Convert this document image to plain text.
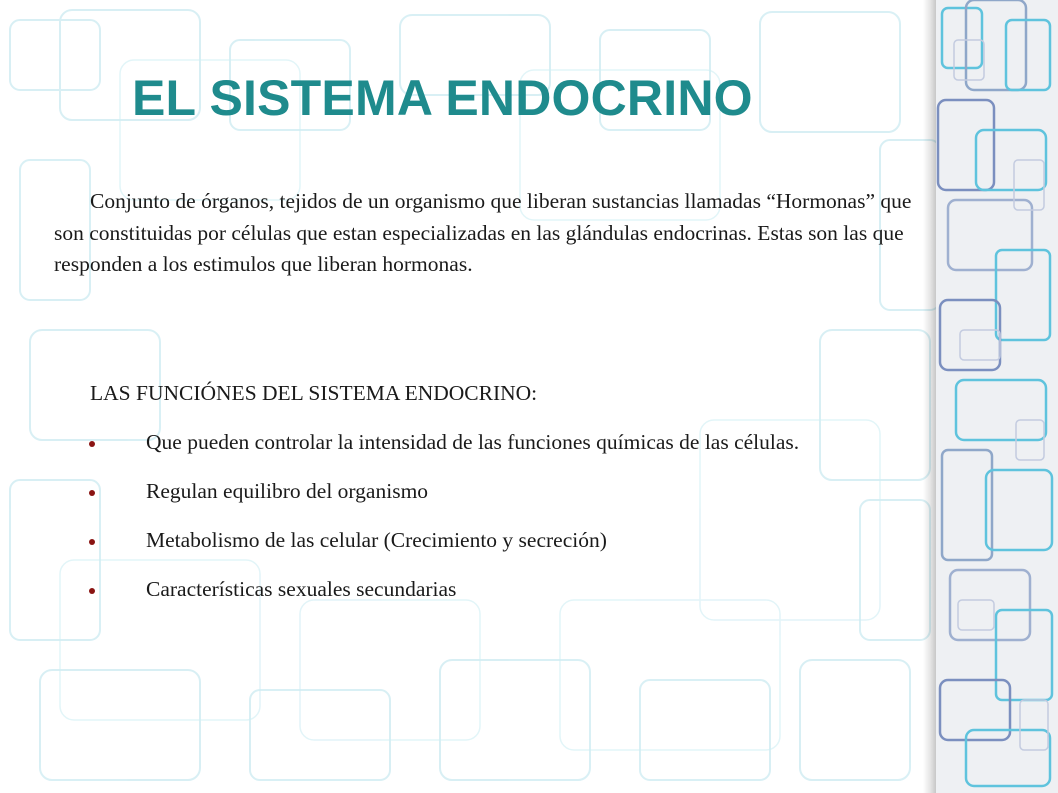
EL SISTEMA ENDOCRINO

Conjunto de órganos, tejidos de un organismo que liberan sustancias llamadas “Hormonas” que son constituidas por células que estan especializadas en las glándulas endocrinas. Estas son las que responden a los estimulos que liberan hormonas.

LAS FUNCIÓNES DEL SISTEMA ENDOCRINO:

Que pueden controlar la intensidad de las funciones químicas de las células.
Regulan equilibro del organismo
Metabolismo de las celular (Crecimiento y secreción)
Características sexuales secundarias
